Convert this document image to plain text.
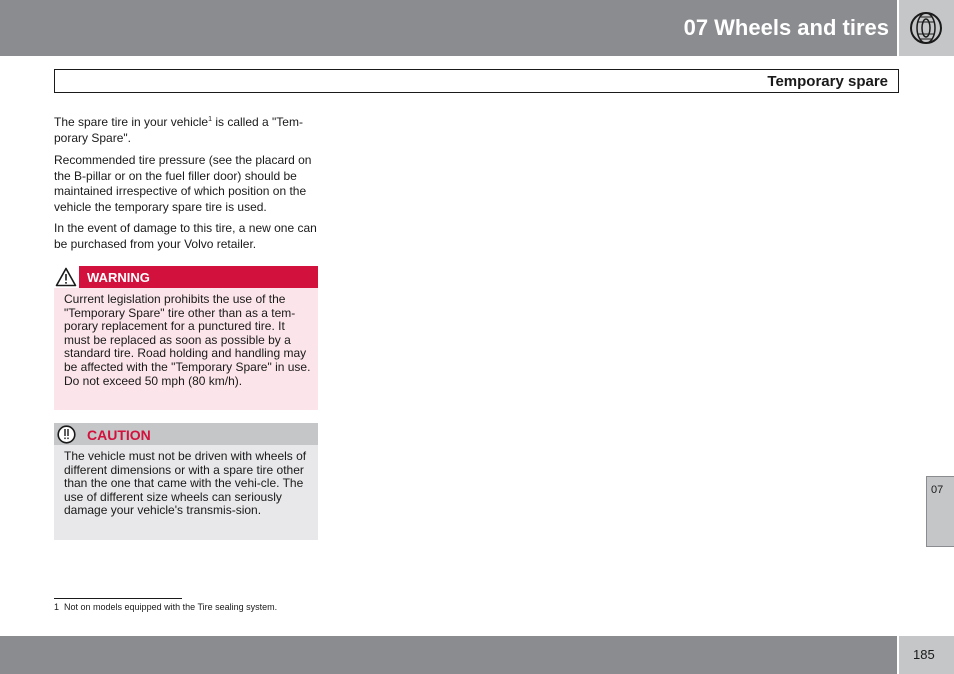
07 Wheels and tires
Temporary spare
The spare tire in your vehicle$^1$ is called a "Tem-porary Spare".
Recommended tire pressure (see the placard on the B-pillar or on the fuel filler door) should be maintained irrespective of which position on the vehicle the temporary spare tire is used.
In the event of damage to this tire, a new one can be purchased from your Volvo retailer.
WARNING
Current legislation prohibits the use of the "Temporary Spare" tire other than as a tem-porary replacement for a punctured tire. It must be replaced as soon as possible by a standard tire. Road holding and handling may be affected with the "Temporary Spare" in use. Do not exceed 50 mph (80 km/h).
CAUTION
The vehicle must not be driven with wheels of different dimensions or with a spare tire other than the one that came with the vehi-cle. The use of different size wheels can seriously damage your vehicle's transmis-sion.
1 Not on models equipped with the Tire sealing system.
07
185
